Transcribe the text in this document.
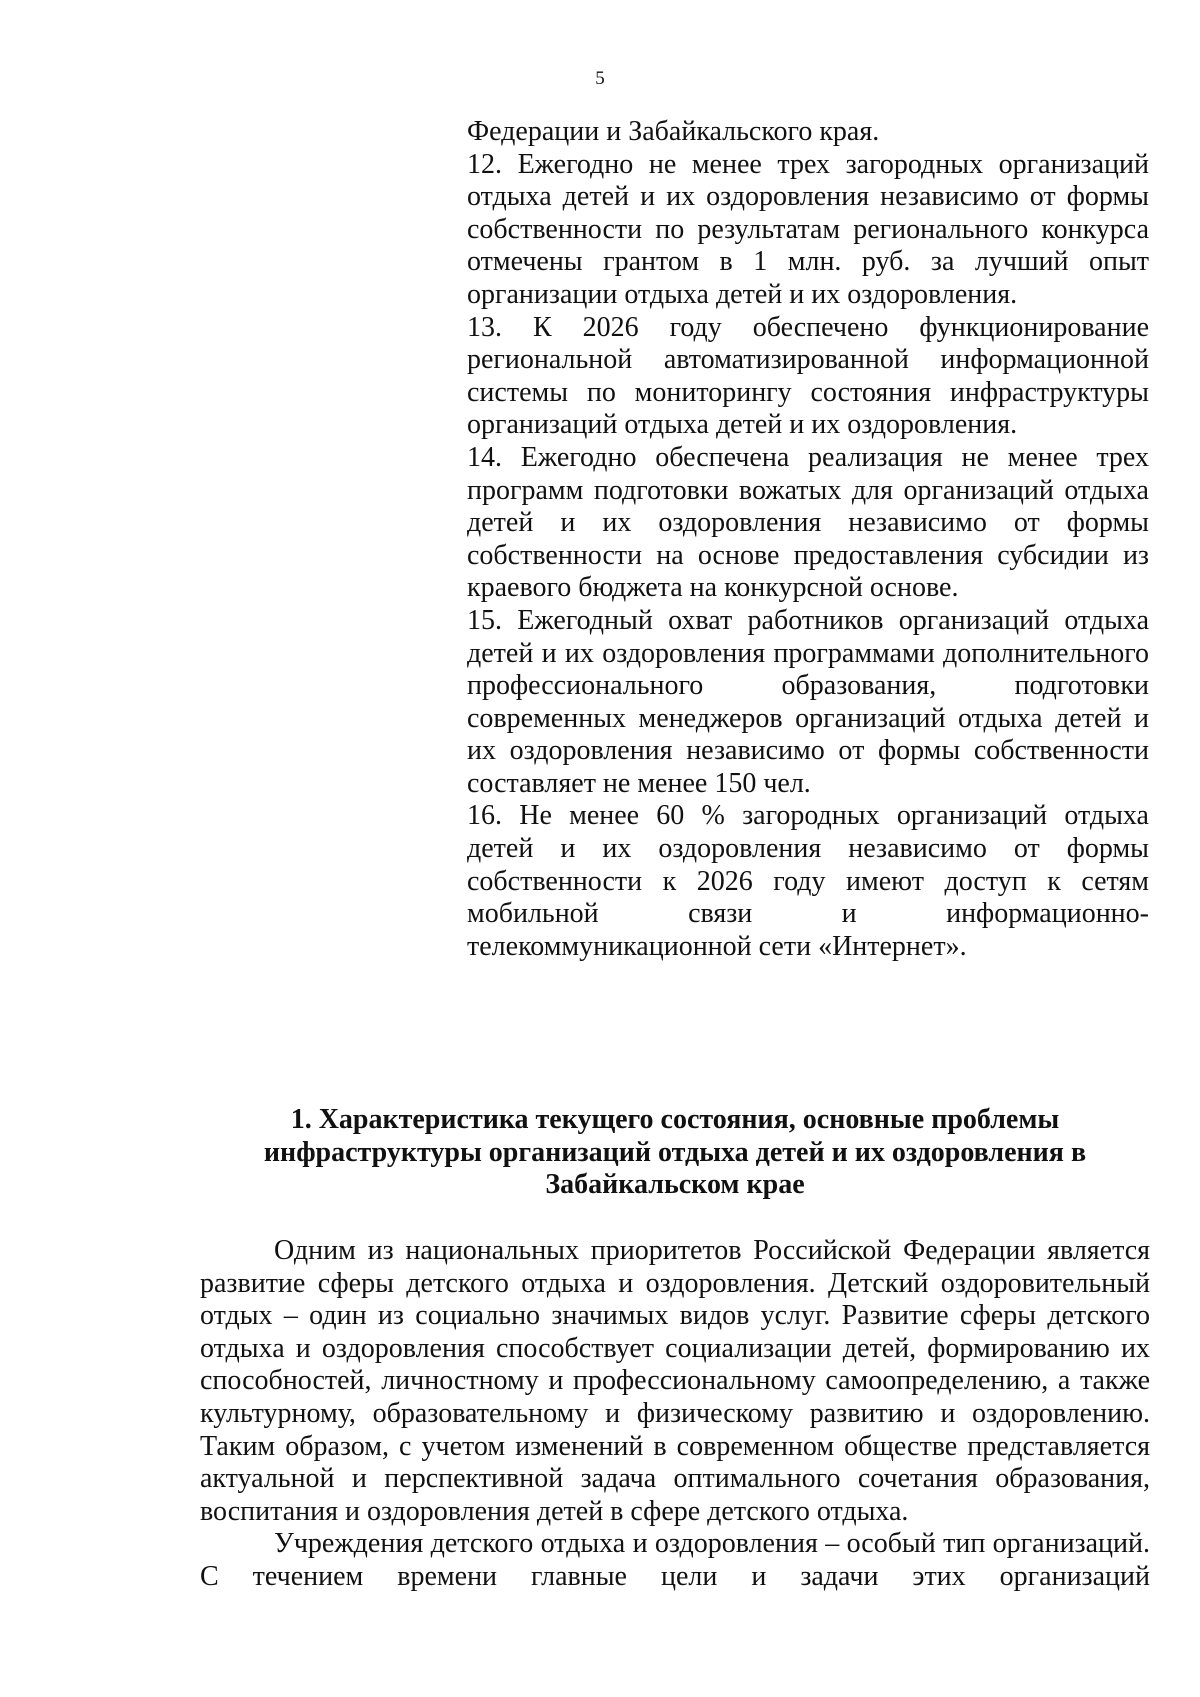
5

Федерации и Забайкальского края.

12. Ежегодно не менее трех загородных организаций отдыха детей и их оздоровления независимо от формы собственности по результатам регионального конкурса отмечены грантом в 1 млн. руб. за лучший опыт организации отдыха детей и их оздоровления.

13. К 2026 году обеспечено функционирование региональной автоматизированной информационной системы по мониторингу состояния инфраструктуры организаций отдыха детей и их оздоровления.

14. Ежегодно обеспечена реализация не менее трех программ подготовки вожатых для организаций отдыха детей и их оздоровления независимо от формы собственности на основе предоставления субсидии из краевого бюджета на конкурсной основе.

15. Ежегодный охват работников организаций отдыха детей и их оздоровления программами дополнительного профессионального образования, подготовки современных менеджеров организаций отдыха детей и их оздоровления независимо от формы собственности составляет не менее 150 чел.

16. Не менее 60 % загородных организаций отдыха детей и их оздоровления независимо от формы собственности к 2026 году имеют доступ к сетям мобильной связи и информационно-телекоммуникационной сети «Интернет».

1. Характеристика текущего состояния, основные проблемы
инфраструктуры организаций отдыха детей и их оздоровления в
Забайкальском крае

Одним из национальных приоритетов Российской Федерации является развитие сферы детского отдыха и оздоровления. Детский оздоровительный отдых – один из социально значимых видов услуг. Развитие сферы детского отдыха и оздоровления способствует социализации детей, формированию их способностей, личностному и профессиональному самоопределению, а также культурному, образовательному и физическому развитию и оздоровлению. Таким образом, с учетом изменений в современном обществе представляется актуальной и перспективной задача оптимального сочетания образования, воспитания и оздоровления детей в сфере детского отдыха.

Учреждения детского отдыха и оздоровления – особый тип организаций. С течением времени главные цели и задачи этих организаций
